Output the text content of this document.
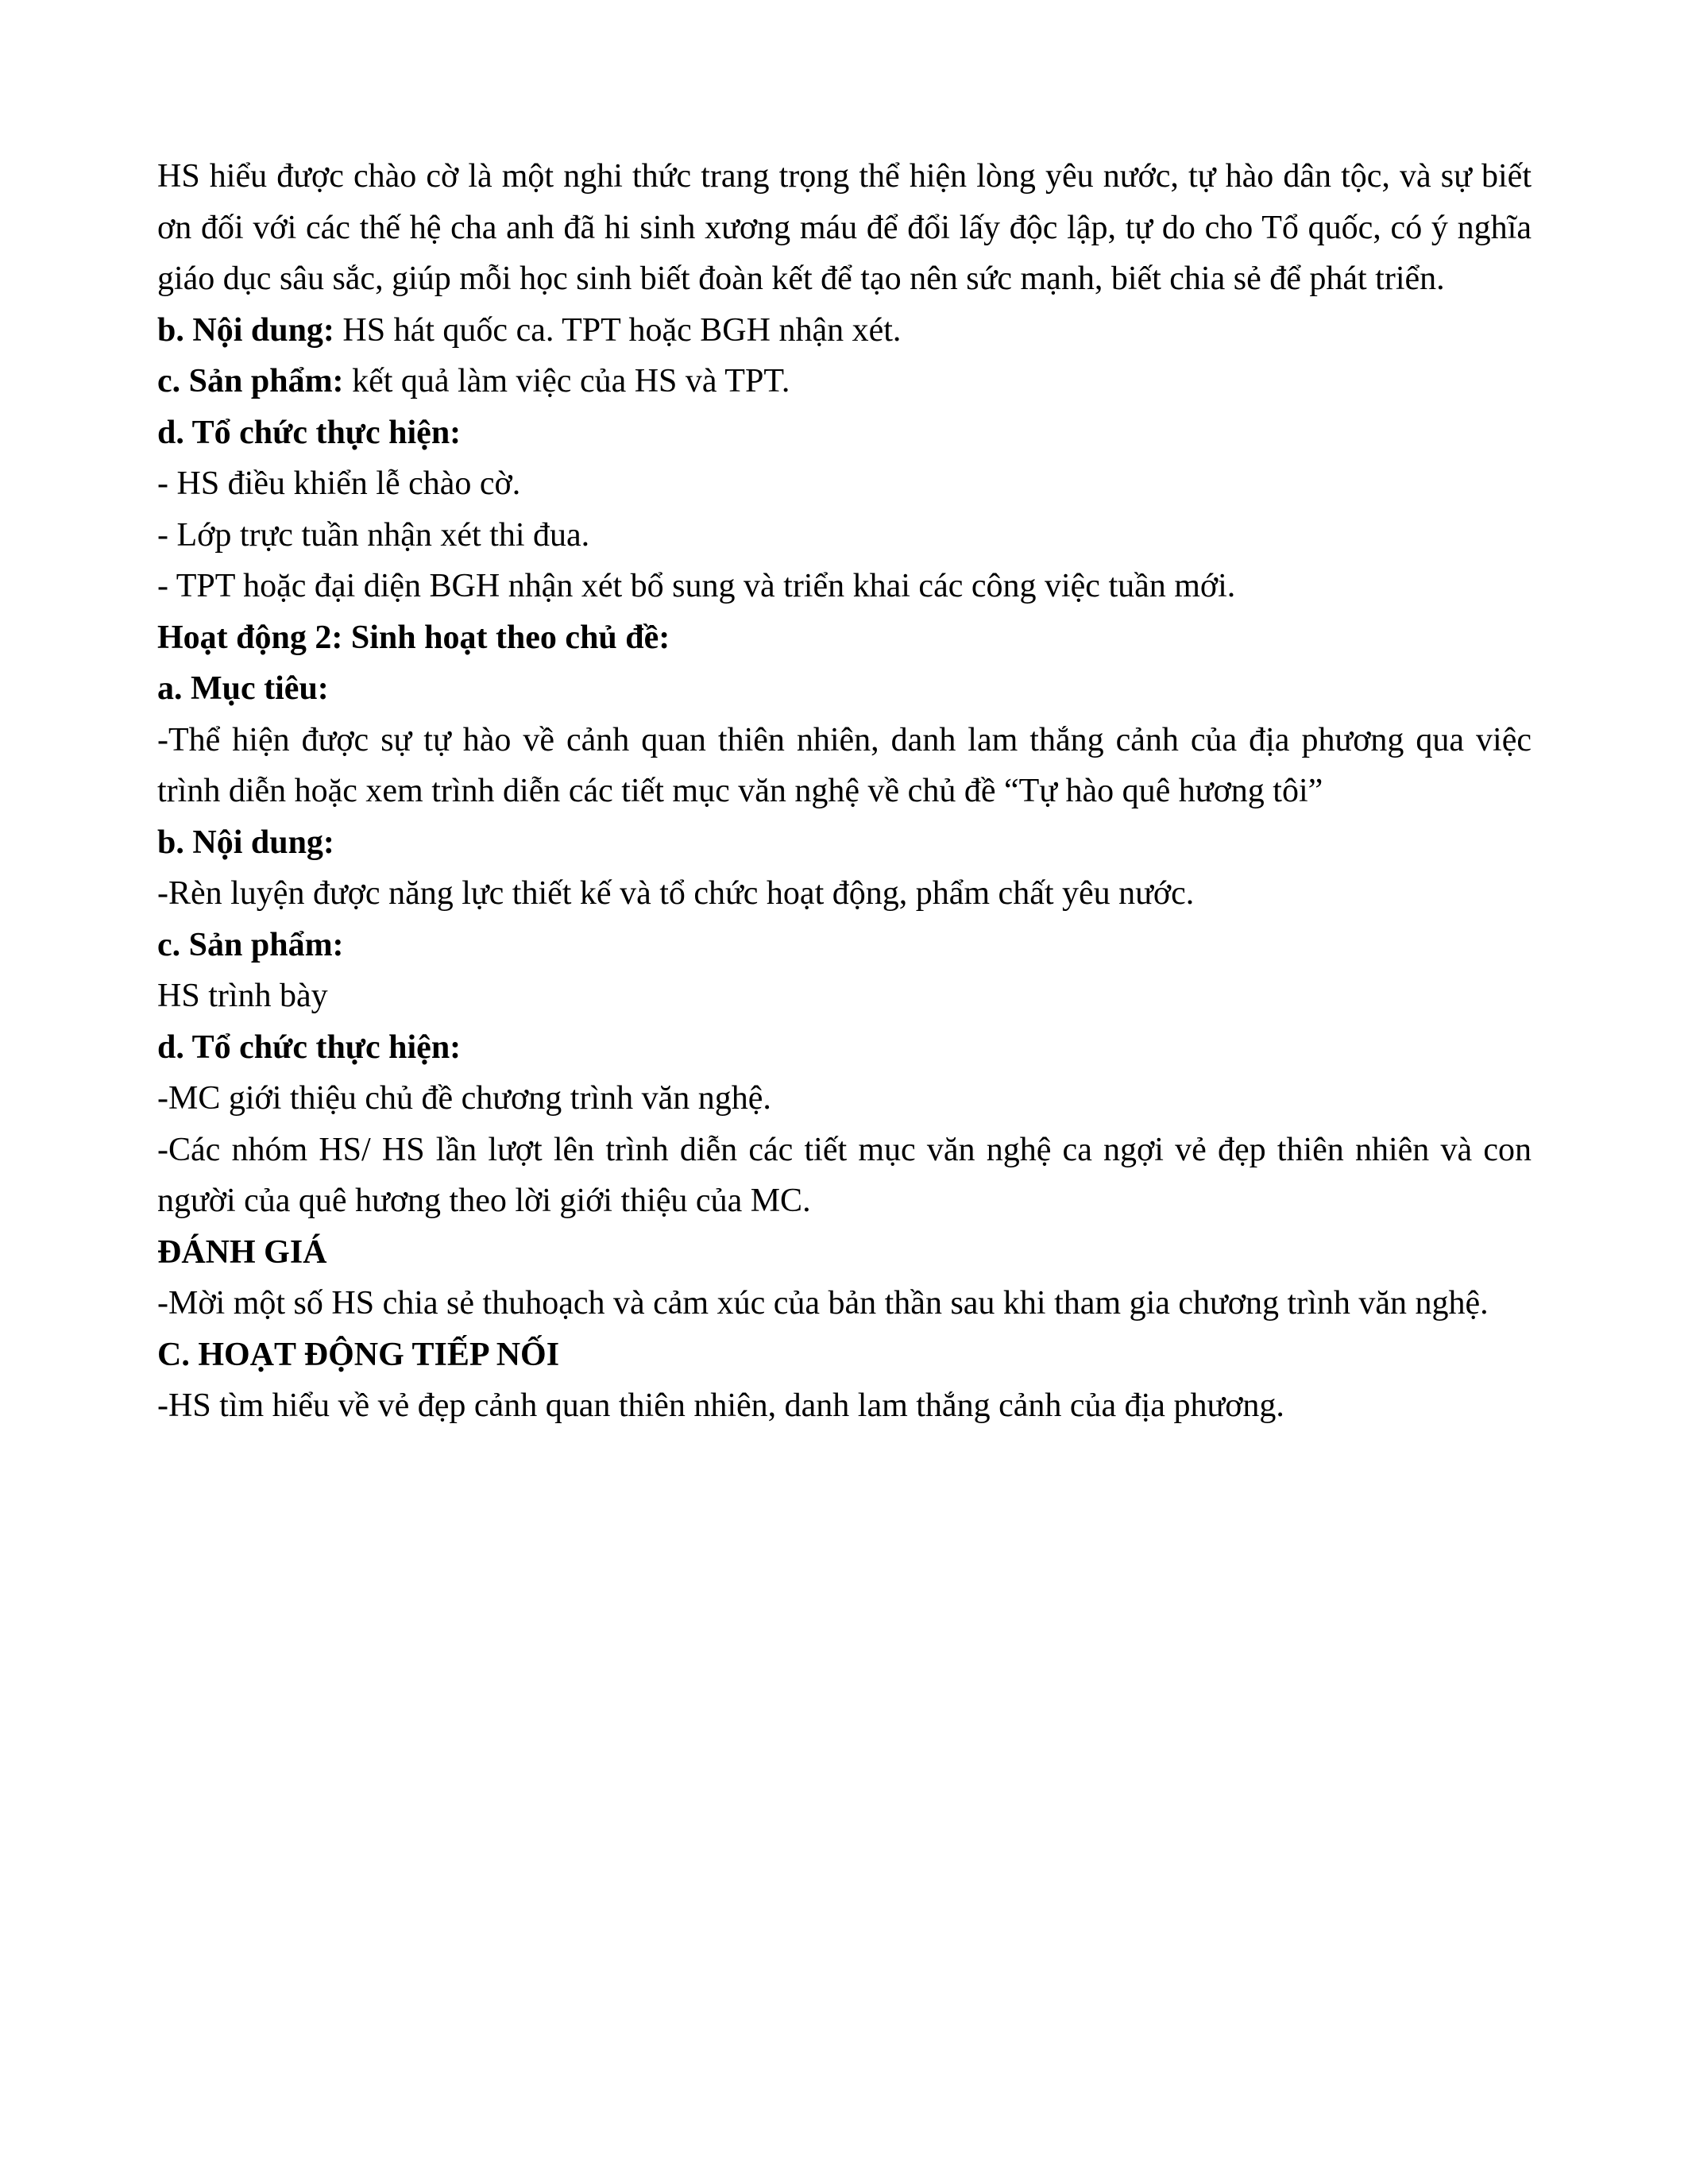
HS hiểu được chào cờ là một nghi thức trang trọng thể hiện lòng yêu nước, tự hào dân tộc, và sự biết ơn đối với các thế hệ cha anh đã hi sinh xương máu để đổi lấy độc lập, tự do cho Tổ quốc, có ý nghĩa giáo dục sâu sắc, giúp mỗi học sinh biết đoàn kết để tạo nên sức mạnh, biết chia sẻ để phát triển.

b. Nội dung: HS hát quốc ca. TPT hoặc BGH nhận xét.

c. Sản phẩm: kết quả làm việc của HS và TPT.

d. Tổ chức thực hiện:

- HS điều khiển lễ chào cờ.

- Lớp trực tuần nhận xét thi đua.

- TPT hoặc đại diện BGH nhận xét bổ sung và triển khai các công việc tuần mới.

Hoạt động 2: Sinh hoạt theo chủ đề:

a. Mục tiêu:

-Thể hiện được sự tự hào về cảnh quan thiên nhiên, danh lam thắng cảnh của địa phương qua việc trình diễn hoặc xem trình diễn các tiết mục văn nghệ về chủ đề “Tự hào quê hương tôi”

b. Nội dung:

-Rèn luyện được năng lực thiết kế và tổ chức hoạt động, phẩm chất yêu nước.

c. Sản phẩm:

HS trình bày

d. Tổ chức thực hiện:

-MC giới thiệu chủ đề chương trình văn nghệ.

-Các nhóm HS/ HS lần lượt lên trình diễn các tiết mục văn nghệ ca ngợi vẻ đẹp thiên nhiên và con người của quê hương theo lời giới thiệu của MC.

ĐÁNH GIÁ

-Mời một số HS chia sẻ thuhoạch và cảm xúc của bản thần sau khi tham gia chương trình văn nghệ.

C. HOẠT ĐỘNG TIẾP NỐI

-HS tìm hiểu về vẻ đẹp cảnh quan thiên nhiên, danh lam thắng cảnh của địa phương.
